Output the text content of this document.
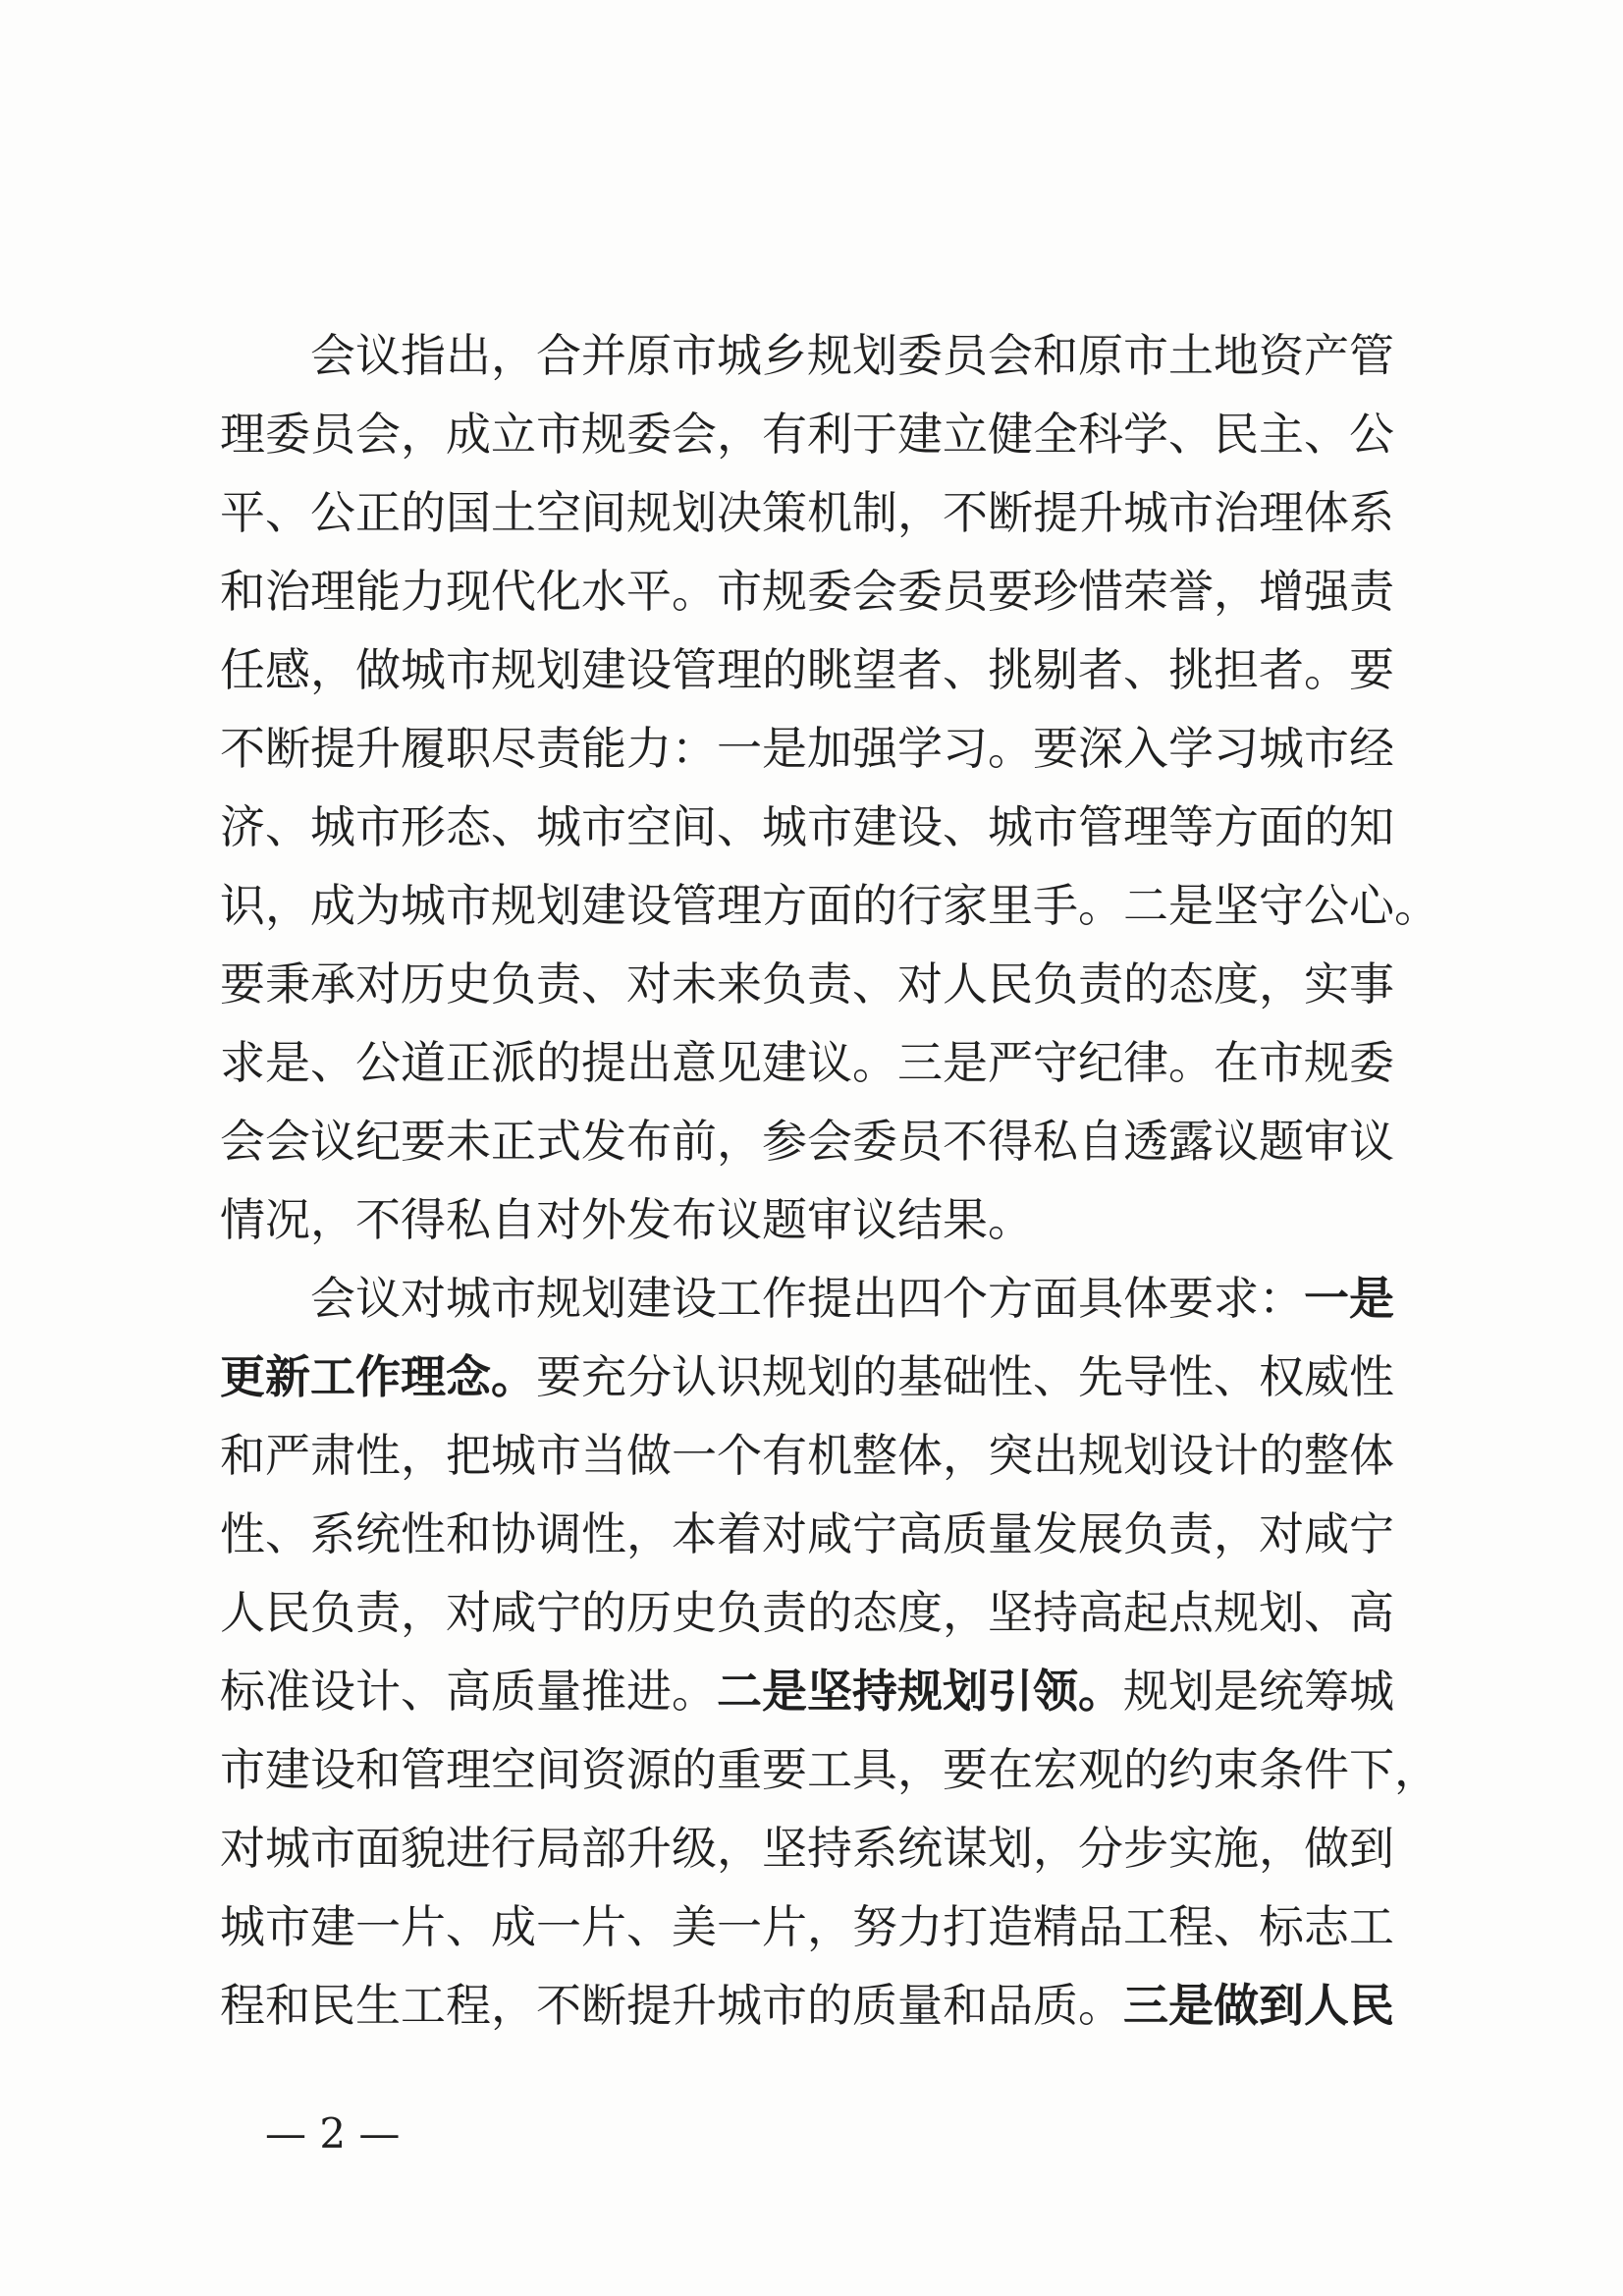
会议指出，合并原市城乡规划委员会和原市土地资产管
理委员会，成立市规委会，有利于建立健全科学、民主、公
平、公正的国土空间规划决策机制，不断提升城市治理体系
和治理能力现代化水平。市规委会委员要珍惜荣誉，增强责
任感，做城市规划建设管理的眺望者、挑剔者、挑担者。要
不断提升履职尽责能力：一是加强学习。要深入学习城市经
济、城市形态、城市空间、城市建设、城市管理等方面的知
识，成为城市规划建设管理方面的行家里手。二是坚守公心。
要秉承对历史负责、对未来负责、对人民负责的态度，实事
求是、公道正派的提出意见建议。三是严守纪律。在市规委
会会议纪要未正式发布前，参会委员不得私自透露议题审议
情况，不得私自对外发布议题审议结果。
会议对城市规划建设工作提出四个方面具体要求：一是
更新工作理念。要充分认识规划的基础性、先导性、权威性
和严肃性，把城市当做一个有机整体，突出规划设计的整体
性、系统性和协调性，本着对咸宁高质量发展负责，对咸宁
人民负责，对咸宁的历史负责的态度，坚持高起点规划、高
标准设计、高质量推进。二是坚持规划引领。规划是统筹城
市建设和管理空间资源的重要工具，要在宏观的约束条件下，
对城市面貌进行局部升级，坚持系统谋划，分步实施，做到
城市建一片、成一片、美一片，努力打造精品工程、标志工
程和民生工程，不断提升城市的质量和品质。三是做到人民
— 2 —
